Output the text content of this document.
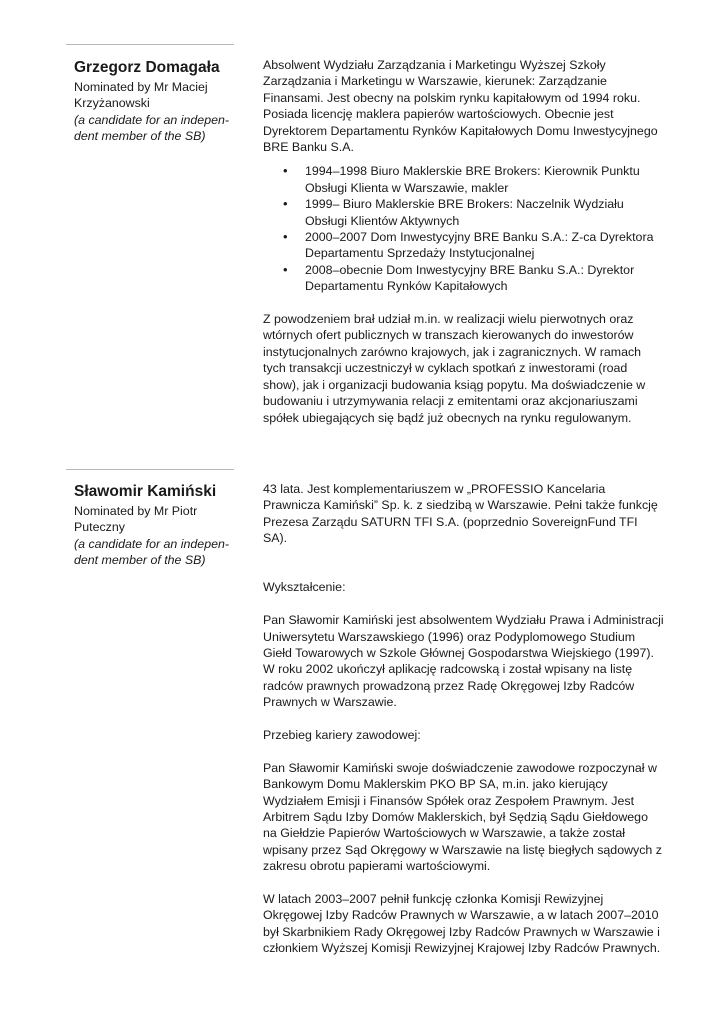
Grzegorz Domagała
Nominated by Mr Maciej Krzyżanowski
(a candidate for an indepen-dent member of the SB)

Absolwent Wydziału Zarządzania i Marketingu Wyższej Szkoły Zarządzania i Marketingu w Warszawie, kierunek: Zarządzanie Finansami. Jest obecny na polskim rynku kapitałowym od 1994 roku. Posiada licencję maklera papierów wartościowych. Obecnie jest Dyrektorem Departamentu Rynków Kapitałowych Domu Inwestycyjnego BRE Banku S.A.

• 1994–1998 Biuro Maklerskie BRE Brokers: Kierownik Punktu Obsługi Klienta w Warszawie, makler
• 1999– Biuro Maklerskie BRE Brokers: Naczelnik Wydziału Obsługi Klientów Aktywnych
• 2000–2007 Dom Inwestycyjny BRE Banku S.A.: Z-ca Dyrektora Departamentu Sprzedaży Instytucjonalnej
• 2008–obecnie Dom Inwestycyjny BRE Banku S.A.: Dyrektor Departamentu Rynków Kapitałowych

Z powodzeniem brał udział m.in. w realizacji wielu pierwotnych oraz wtórnych ofert publicznych w transzach kierowanych do inwestorów instytucjonalnych zarówno krajowych, jak i zagranicznych. W ramach tych transakcji uczestniczył w cyklach spotkań z inwestorami (road show), jak i organizacji budowania ksiąg popytu. Ma doświadczenie w budowaniu i utrzymywania relacji z emitentami oraz akcjonariuszami spółek ubiegających się bądź już obecnych na rynku regulowanym.

Sławomir Kamiński
Nominated by Mr Piotr Puteczny
(a candidate for an indepen-dent member of the SB)

43 lata. Jest komplementariuszem w „PROFESSIO Kancelaria Prawnicza Kamiński” Sp. k. z siedzibą w Warszawie. Pełni także funkcję Prezesa Zarządu SATURN TFI S.A. (poprzednio SovereignFund TFI SA).

Wykształcenie:

Pan Sławomir Kamiński jest absolwentem Wydziału Prawa i Administracji Uniwersytetu Warszawskiego (1996) oraz Podyplomowego Studium Giełd Towarowych w Szkole Głównej Gospodarstwa Wiejskiego (1997). W roku 2002 ukończył aplikację radcowską i został wpisany na listę radców prawnych prowadzoną przez Radę Okręgowej Izby Radców Prawnych w Warszawie.

Przebieg kariery zawodowej:

Pan Sławomir Kamiński swoje doświadczenie zawodowe rozpoczynał w Bankowym Domu Maklerskim PKO BP SA, m.in. jako kierujący Wydziałem Emisji i Finansów Spółek oraz Zespołem Prawnym. Jest Arbitrem Sądu Izby Domów Maklerskich, był Sędzią Sądu Giełdowego na Giełdzie Papierów Wartościowych w Warszawie, a także został wpisany przez Sąd Okręgowy w Warszawie na listę biegłych sądowych z zakresu obrotu papierami wartościowymi.

W latach 2003–2007 pełnił funkcję członka Komisji Rewizyjnej Okręgowej Izby Radców Prawnych w Warszawie, a w latach 2007–2010 był Skarbnikiem Rady Okręgowej Izby Radców Prawnych w Warszawie i członkiem Wyższej Komisji Rewizyjnej Krajowej Izby Radców Prawnych.
